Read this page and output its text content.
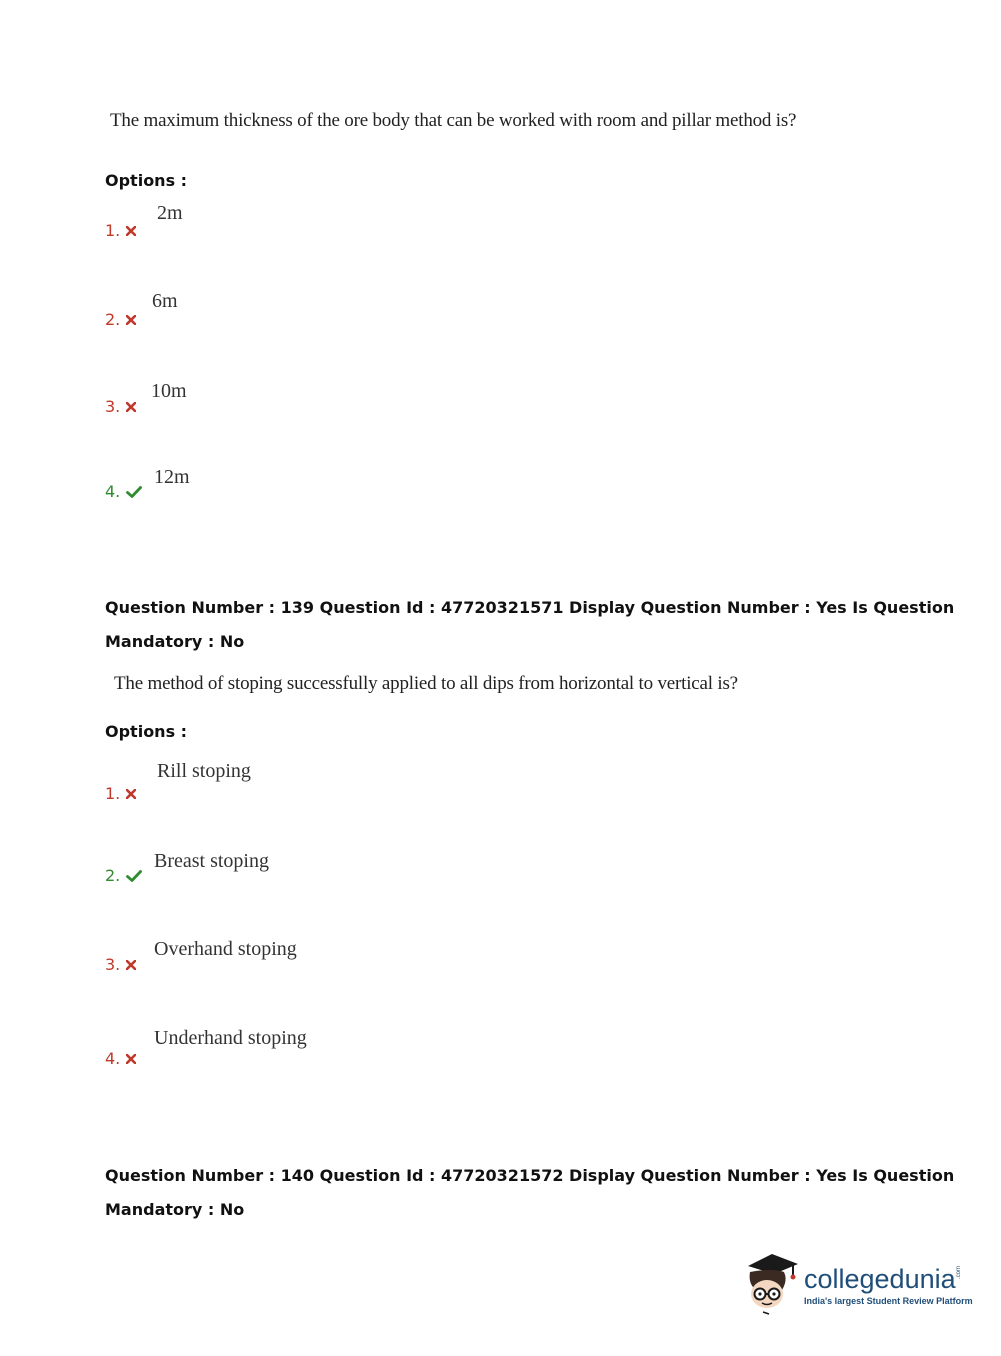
The maximum thickness of the ore body that can be worked with room and pillar method is?
Options :
1.
2m
2.
6m
3.
10m
4.
12m
Question Number : 139 Question Id : 47720321571 Display Question Number : Yes Is Question
Mandatory : No
The method of stoping successfully applied to all dips from horizontal to vertical is?
Options :
1.
Rill stoping
2.
Breast stoping
3.
Overhand stoping
4.
Underhand stoping
Question Number : 140 Question Id : 47720321572 Display Question Number : Yes Is Question
Mandatory : No
collegedunia .com
India's largest Student Review Platform
